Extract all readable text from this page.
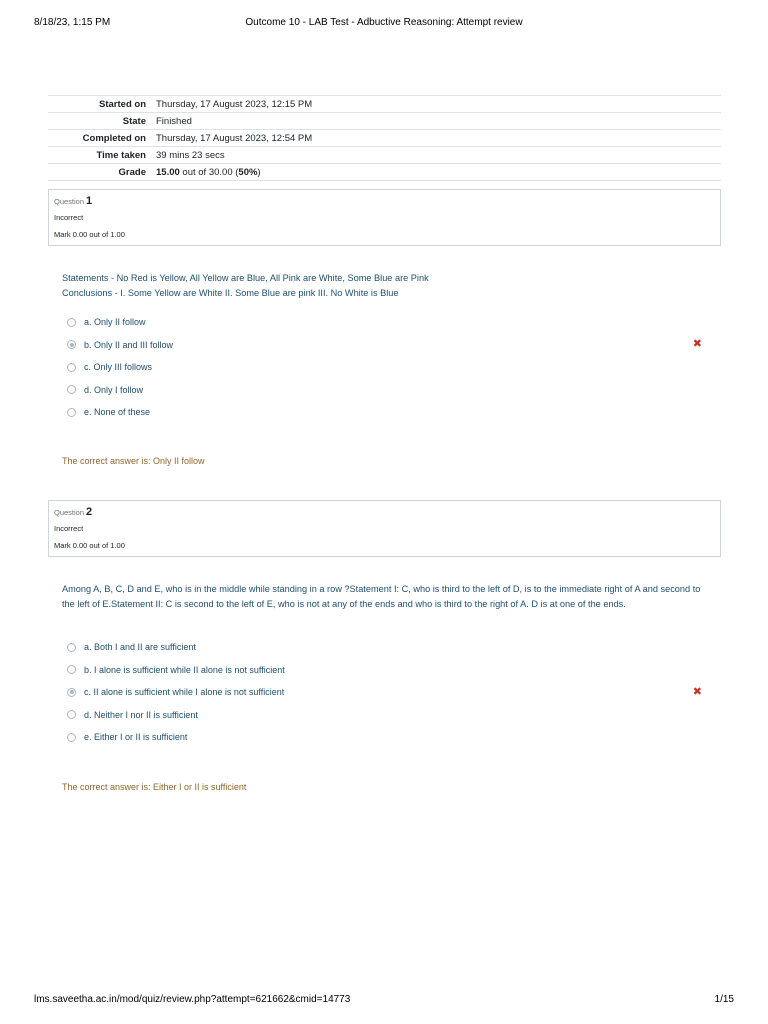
8/18/23, 1:15 PM	Outcome 10 - LAB Test - Adbuctive Reasoning: Attempt review
Started on	Thursday, 17 August 2023, 12:15 PM
State	Finished
Completed on	Thursday, 17 August 2023, 12:54 PM
Time taken	39 mins 23 secs
Grade	15.00 out of 30.00 (50%)
Question 1
Incorrect
Mark 0.00 out of 1.00
Statements - No Red is Yellow, All Yellow are Blue, All Pink are White, Some Blue are Pink
Conclusions - I. Some Yellow are White II. Some Blue are pink III. No White is Blue
a. Only II follow
b. Only II and III follow	✖
c. Only III follows
d. Only I follow
e. None of these
The correct answer is: Only II follow
Question 2
Incorrect
Mark 0.00 out of 1.00
Among A, B, C, D and E, who is in the middle while standing in a row ?Statement I: C, who is third to the left of D, is to the immediate right of A and second to the left of E.Statement II: C is second to the left of E, who is not at any of the ends and who is third to the right of A. D is at one of the ends.
a. Both I and II are sufficient
b. I alone is sufficient while II alone is not sufficient
c. II alone is sufficient while I alone is not sufficient	✖
d. Neither I nor II is sufficient
e. Either I or II is sufficient
The correct answer is: Either I or II is sufficient
lms.saveetha.ac.in/mod/quiz/review.php?attempt=621662&cmid=14773	1/15
